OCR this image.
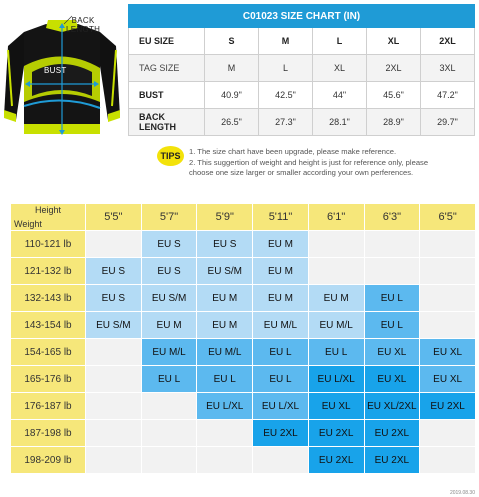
BACK
LENGTH
BUST
C01023 SIZE CHART (IN)					
EU SIZE	S	M	L	XL	2XL
TAG SIZE	M	L	XL	2XL	3XL
BUST	40.9"	42.5"	44"	45.6"	47.2"
BACK LENGTH	26.5"	27.3"	28.1"	28.9"	29.7"
TIPS	1. The size chart have been upgrade, please make reference.
2. This suggertion of weight and height is just for reference only, please
choose one size larger or smaller according your own perferences.
Height
Weight	5'5"	5'7"	5'9"	5'11"	6'1"	6'3"	6'5"
110-121 lb		EU S	EU S	EU M			
121-132 lb	EU S	EU S	EU S/M	EU M			
132-143 lb	EU S	EU S/M	EU M	EU M	EU M	EU L	
143-154 lb	EU S/M	EU M	EU M	EU M/L	EU M/L	EU L	
154-165 lb		EU M/L	EU M/L	EU L	EU L	EU XL	EU XL
165-176 lb		EU L	EU L	EU L	EU L/XL	EU XL	EU XL
176-187 lb			EU L/XL	EU L/XL	EU XL	EU XL/2XL	EU 2XL
187-198 lb				EU 2XL	EU 2XL	EU 2XL	
198-209 lb					EU 2XL	EU 2XL	
2019.08.30
